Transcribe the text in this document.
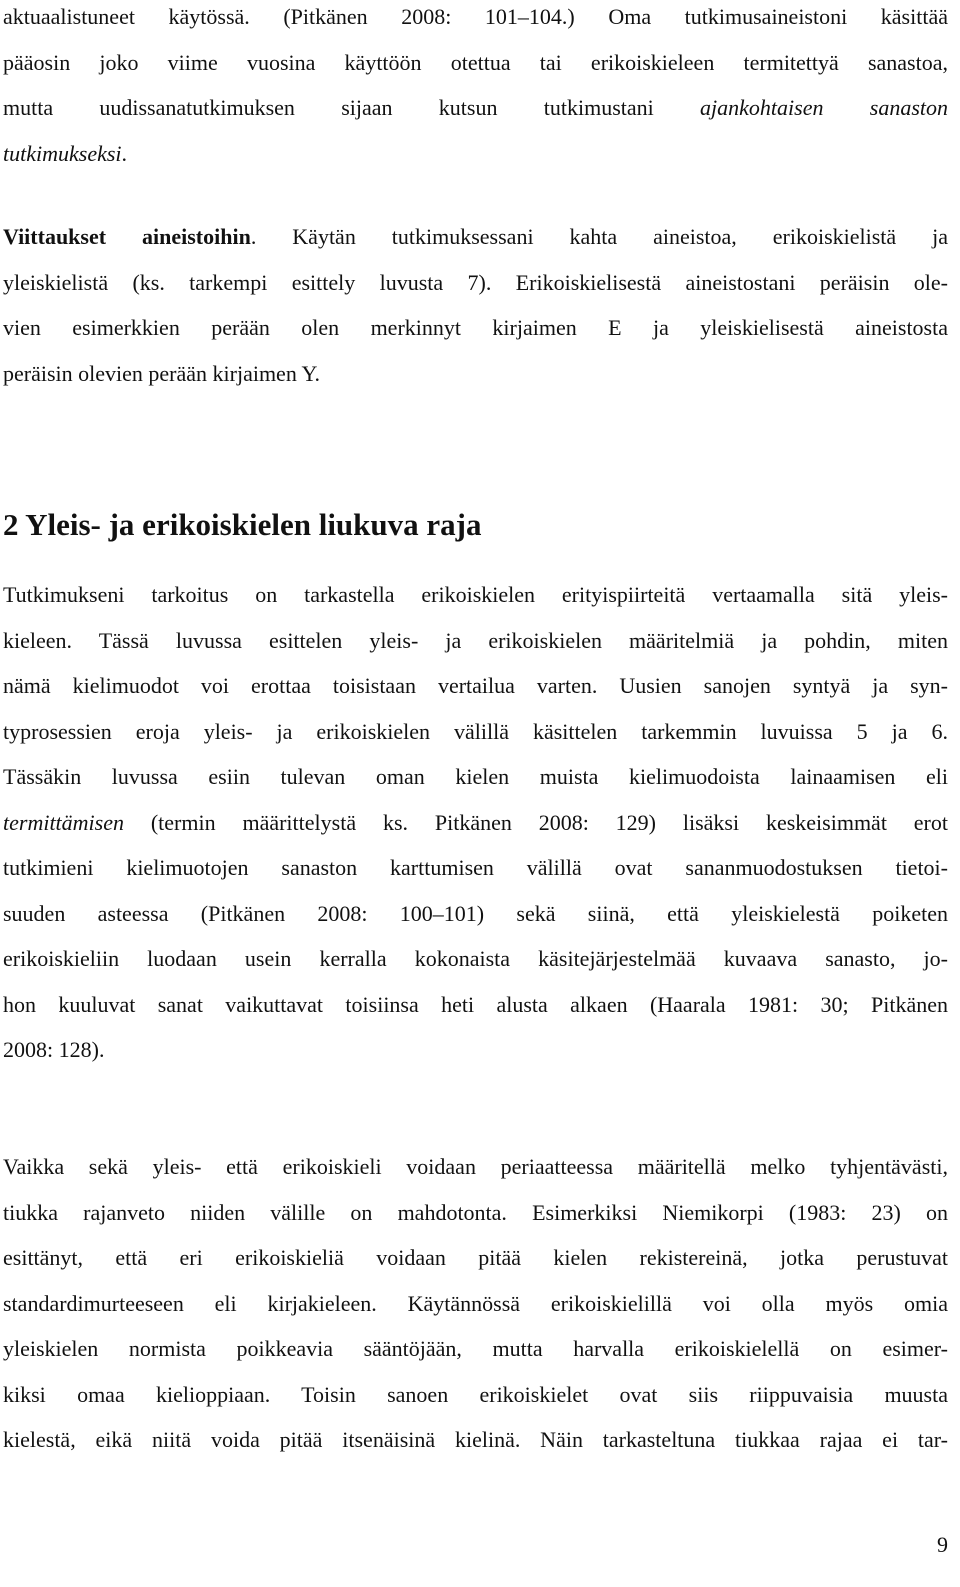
aktuaalistuneet käytössä. (Pitkänen 2008: 101–104.) Oma tutkimusaineistoni käsittää
pääosin joko viime vuosina käyttöön otettua tai erikoiskieleen termitettyä sanastoa,
mutta uudissanatutkimuksen sijaan kutsun tutkimustani ajankohtaisen sanaston
tutkimukseksi.
Viittaukset aineistoihin. Käytän tutkimuksessani kahta aineistoa, erikoiskielistä ja
yleiskielistä (ks. tarkempi esittely luvusta 7). Erikoiskielisestä aineistostani peräisin ole-
vien esimerkkien perään olen merkinnyt kirjaimen E ja yleiskielisestä aineistosta
peräisin olevien perään kirjaimen Y.
2 Yleis- ja erikoiskielen liukuva raja
Tutkimukseni tarkoitus on tarkastella erikoiskielen erityispiirteitä vertaamalla sitä yleis-
kieleen. Tässä luvussa esittelen yleis- ja erikoiskielen määritelmiä ja pohdin, miten
nämä kielimuodot voi erottaa toisistaan vertailua varten. Uusien sanojen syntyä ja syn-
typrosessien eroja yleis- ja erikoiskielen välillä käsittelen tarkemmin luvuissa 5 ja 6.
Tässäkin luvussa esiin tulevan oman kielen muista kielimuodoista lainaamisen eli
termittämisen (termin määrittelystä ks. Pitkänen 2008: 129) lisäksi keskeisimmät erot
tutkimieni kielimuotojen sanaston karttumisen välillä ovat sananmuodostuksen tietoi-
suuden asteessa (Pitkänen 2008: 100–101) sekä siinä, että yleiskielestä poiketen
erikoiskieliin luodaan usein kerralla kokonaista käsitejärjestelmää kuvaava sanasto, jo-
hon kuuluvat sanat vaikuttavat toisiinsa heti alusta alkaen (Haarala 1981: 30; Pitkänen
2008: 128).
Vaikka sekä yleis- että erikoiskieli voidaan periaatteessa määritellä melko tyhjentävästi,
tiukka rajanveto niiden välille on mahdotonta. Esimerkiksi Niemikorpi (1983: 23) on
esittänyt, että eri erikoiskieliä voidaan pitää kielen rekistereinä, jotka perustuvat
standardimurteeseen eli kirjakieleen. Käytännössä erikoiskielillä voi olla myös omia
yleiskielen normista poikkeavia sääntöjään, mutta harvalla erikoiskielellä on esimer-
kiksi omaa kielioppiaan. Toisin sanoen erikoiskielet ovat siis riippuvaisia muusta
kielestä, eikä niitä voida pitää itsenäisinä kielinä. Näin tarkasteltuna tiukkaa rajaa ei tar-
9
